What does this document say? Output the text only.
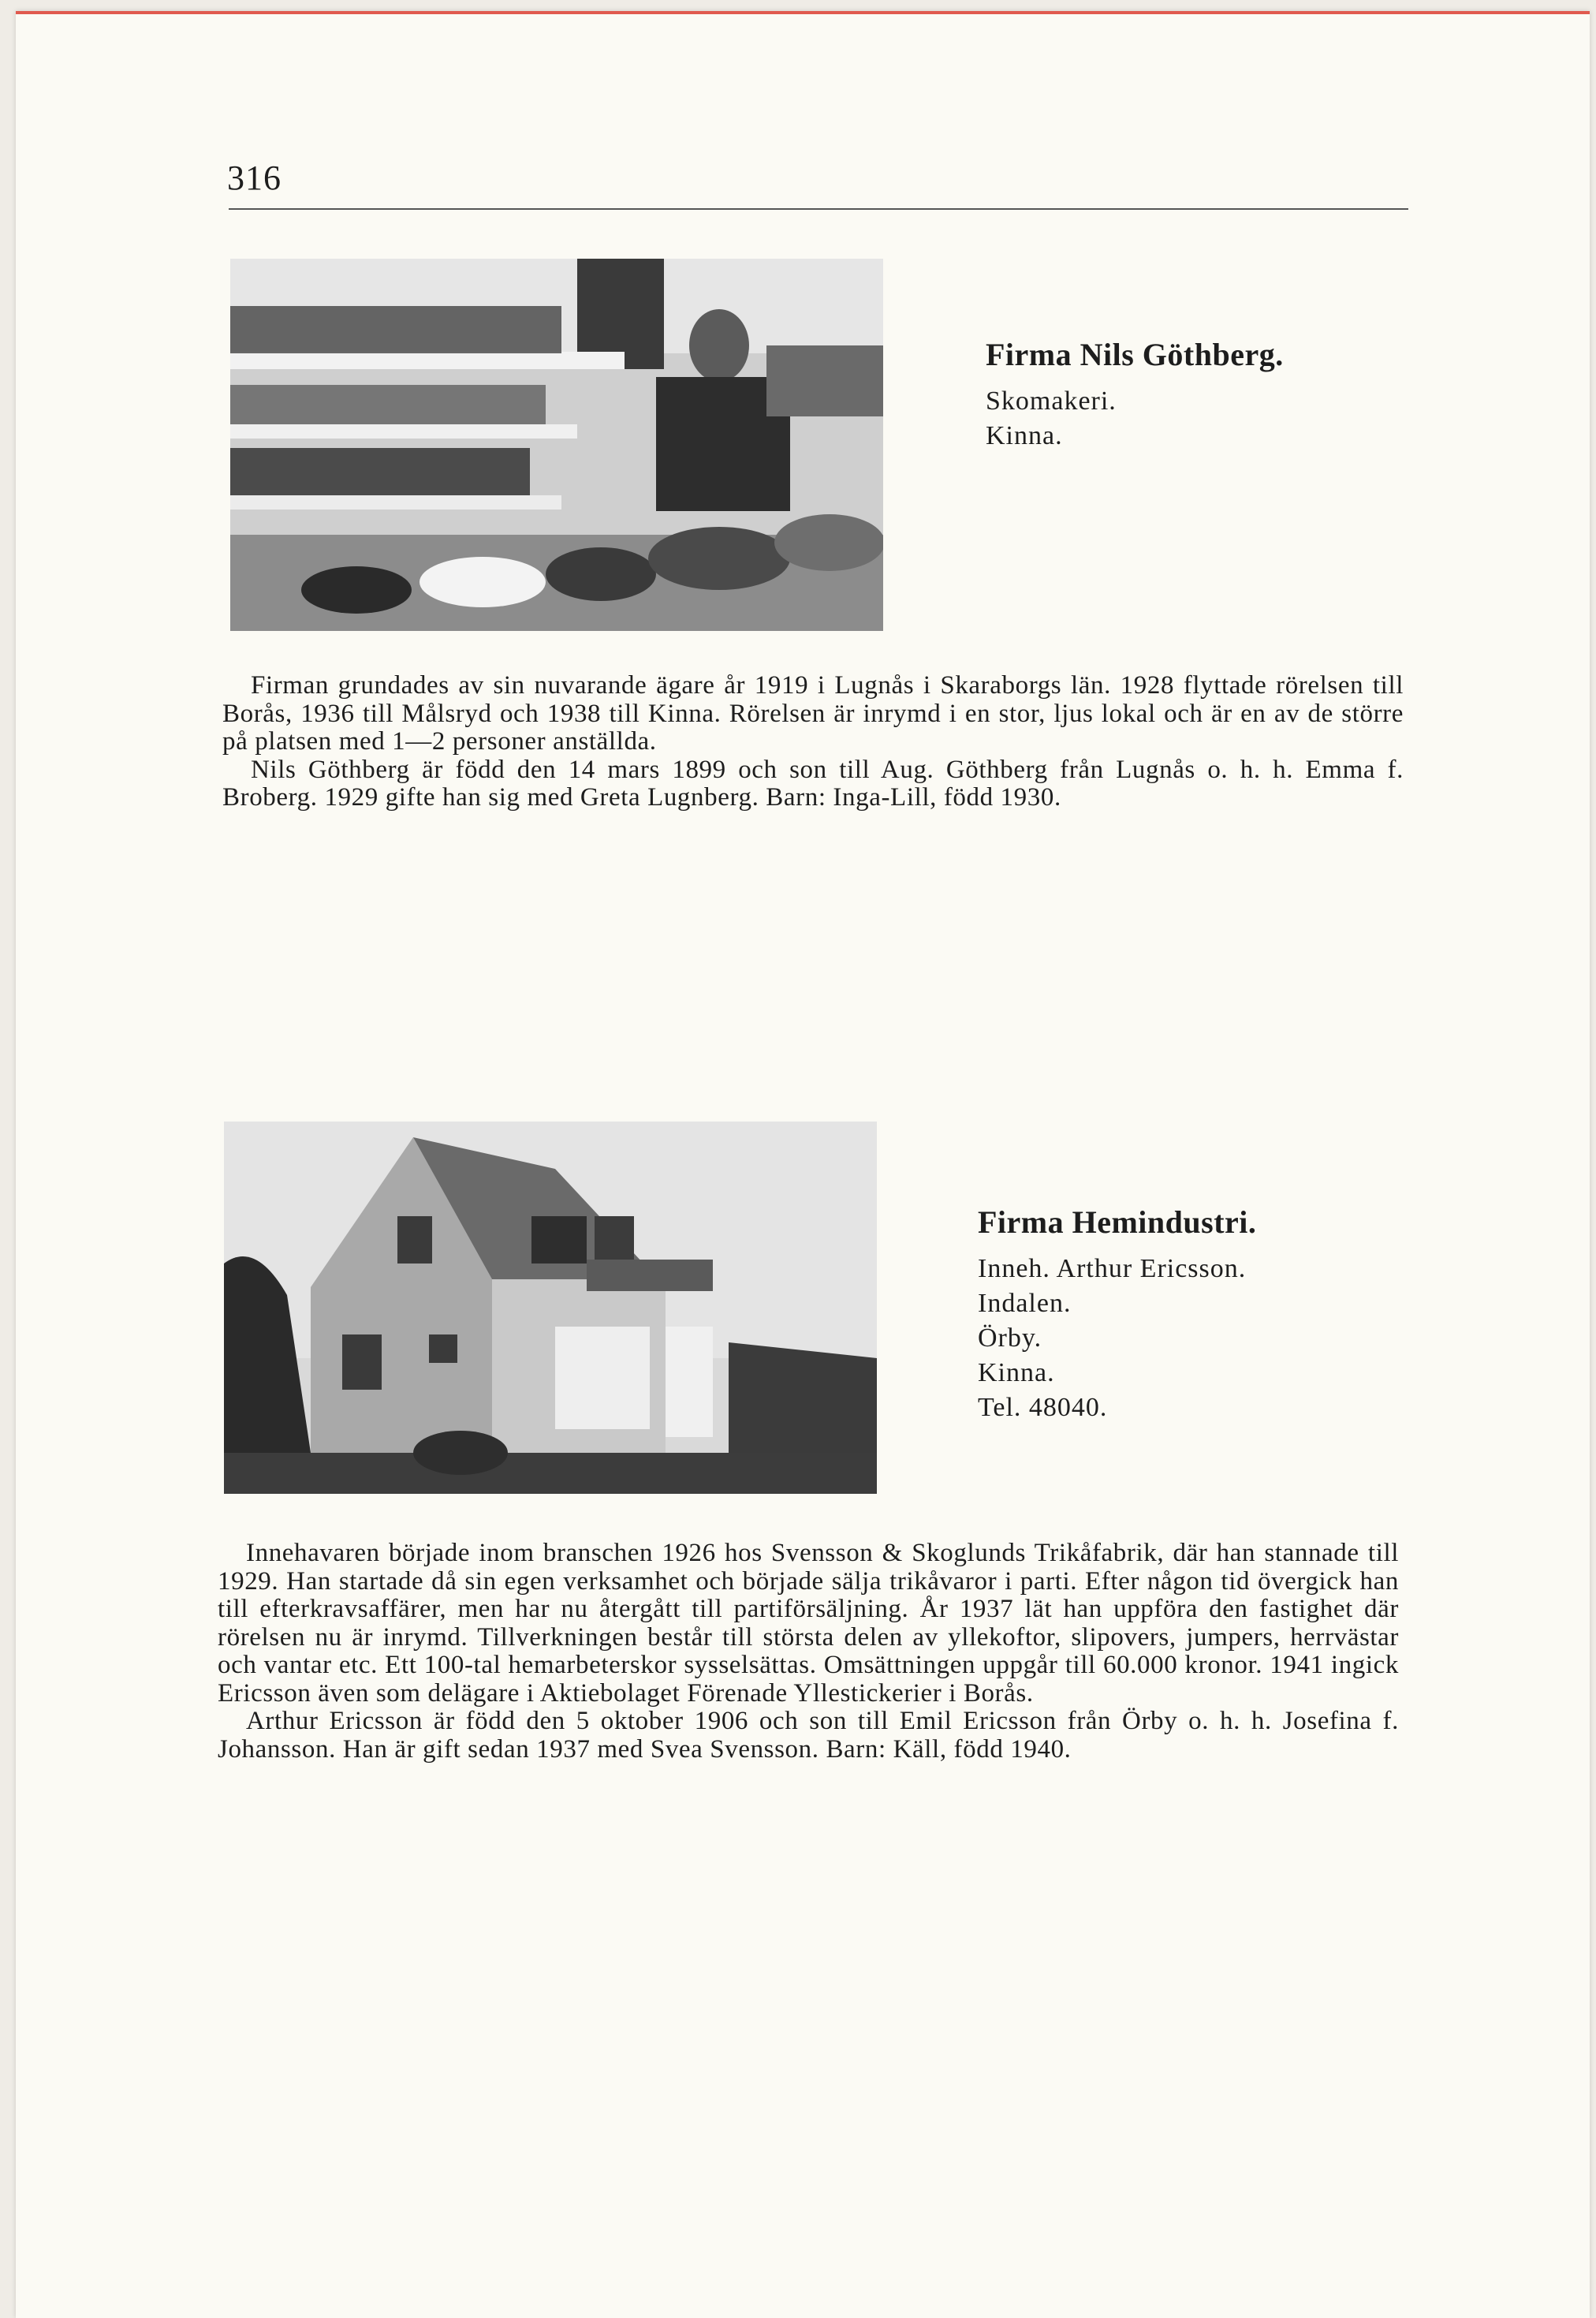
316
Firma Nils Göthberg.
Skomakeri.
Kinna.

Firman grundades av sin nuvarande ägare år 1919 i Lugnås i Skaraborgs län. 1928 flyttade rörelsen till Borås, 1936 till Målsryd och 1938 till Kinna. Rörelsen är inrymd i en stor, ljus lokal och är en av de större på platsen med 1—2 personer anställda.

Nils Göthberg är född den 14 mars 1899 och son till Aug. Göthberg från Lugnås o. h. h. Emma f. Broberg. 1929 gifte han sig med Greta Lugnberg. Barn: Inga-Lill, född 1930.

Firma Hemindustri.
Inneh. Arthur Ericsson.
Indalen.
Örby.
Kinna.
Tel. 48040.

Innehavaren började inom branschen 1926 hos Svensson & Skoglunds Trikåfabrik, där han stannade till 1929. Han startade då sin egen verksamhet och började sälja trikåvaror i parti. Efter någon tid övergick han till efterkravsaffärer, men har nu återgått till partiförsäljning. År 1937 lät han uppföra den fastighet där rörelsen nu är inrymd. Tillverkningen består till största delen av yllekoftor, slipovers, jumpers, herrvästar och vantar etc. Ett 100-tal hemarbeterskor sysselsättas. Omsättningen uppgår till 60.000 kronor. 1941 ingick Ericsson även som delägare i Aktiebolaget Förenade Yllestickerier i Borås.

Arthur Ericsson är född den 5 oktober 1906 och son till Emil Ericsson från Örby o. h. h. Josefina f. Johansson. Han är gift sedan 1937 med Svea Svensson. Barn: Käll, född 1940.
